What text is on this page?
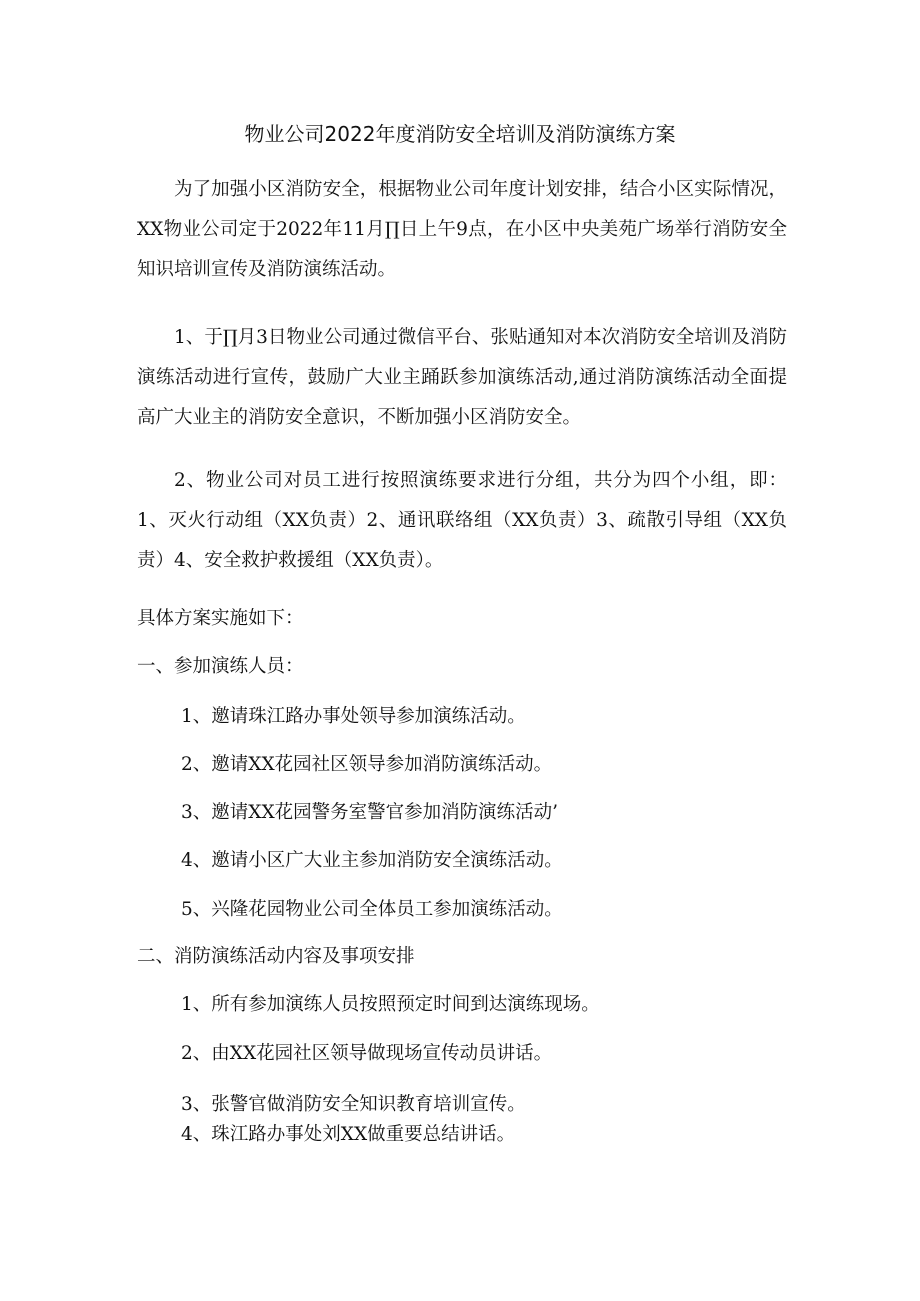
物业公司2022年度消防安全培训及消防演练方案
为了加强小区消防安全，根据物业公司年度计划安排，结合小区实际情况，XX物业公司定于2022年11月∏日上午9点，在小区中央美苑广场举行消防安全知识培训宣传及消防演练活动。
1、于∏月3日物业公司通过微信平台、张贴通知对本次消防安全培训及消防演练活动进行宣传，鼓励广大业主踊跃参加演练活动,通过消防演练活动全面提高广大业主的消防安全意识，不断加强小区消防安全。
2、物业公司对员工进行按照演练要求进行分组，共分为四个小组，即：1、灭火行动组（XX负责）2、通讯联络组（XX负责）3、疏散引导组（XX负责）4、安全救护救援组（XX负责）。
具体方案实施如下：
一、参加演练人员：
1、邀请珠江路办事处领导参加演练活动。
2、邀请XX花园社区领导参加消防演练活动。
3、邀请XX花园警务室警官参加消防演练活动’
4、邀请小区广大业主参加消防安全演练活动。
5、兴隆花园物业公司全体员工参加演练活动。
二、消防演练活动内容及事项安排
1、所有参加演练人员按照预定时间到达演练现场。
2、由XX花园社区领导做现场宣传动员讲话。
3、张警官做消防安全知识教育培训宣传。
4、珠江路办事处刘XX做重要总结讲话。
